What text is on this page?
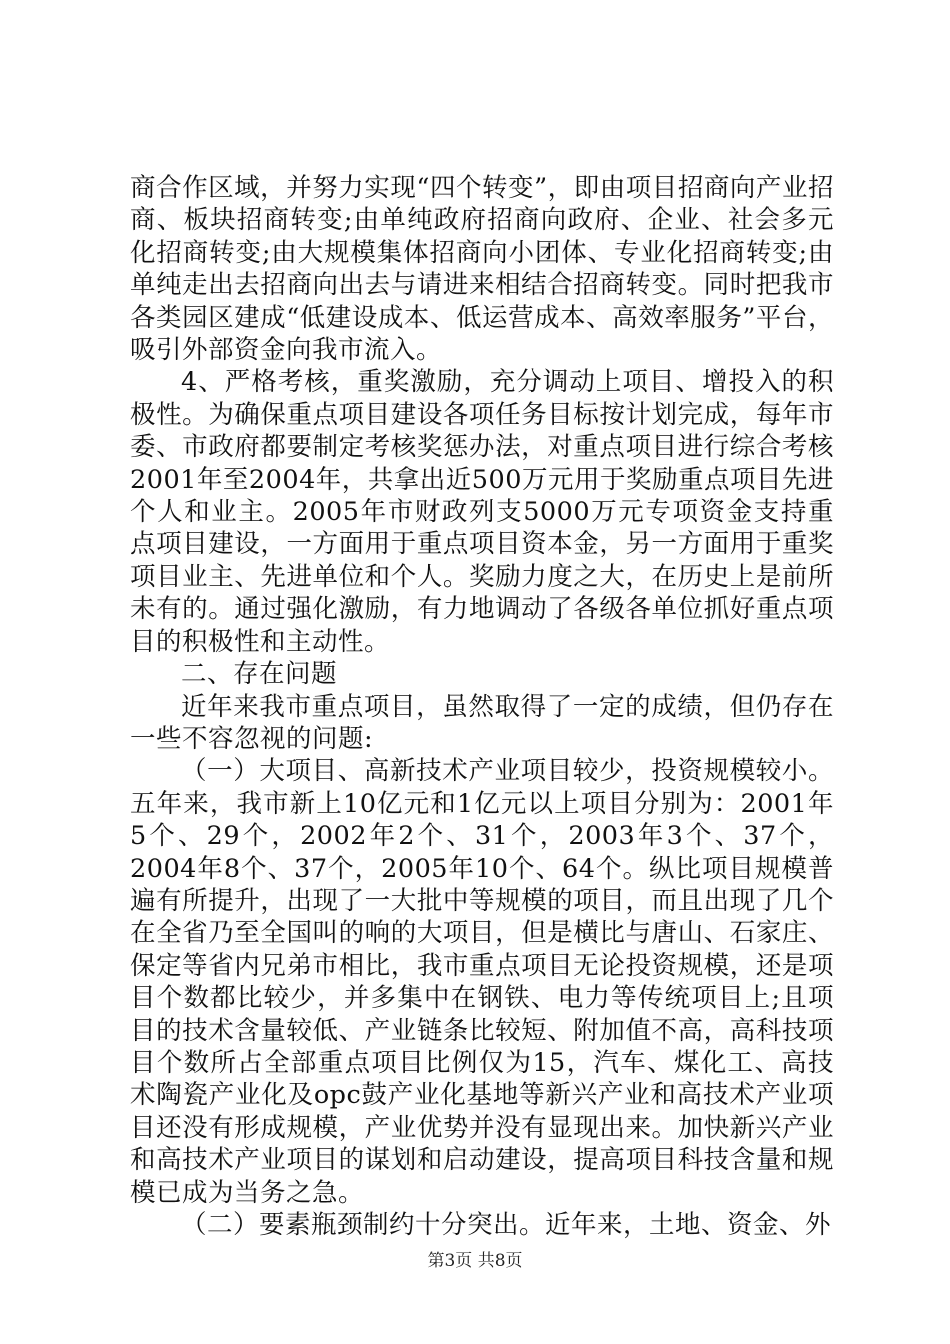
商合作区域，并努力实现“四个转变”，即由项目招商向产业招商、板块招商转变;由单纯政府招商向政府、企业、社会多元化招商转变;由大规模集体招商向小团体、专业化招商转变;由单纯走出去招商向出去与请进来相结合招商转变。同时把我市各类园区建成“低建设成本、低运营成本、高效率服务”平台，吸引外部资金向我市流入。

4、严格考核，重奖激励，充分调动上项目、增投入的积极性。为确保重点项目建设各项任务目标按计划完成，每年市委、市政府都要制定考核奖惩办法，对重点项目进行综合考核2001年至2004年，共拿出近500万元用于奖励重点项目先进个人和业主。2005年市财政列支5000万元专项资金支持重点项目建设，一方面用于重点项目资本金，另一方面用于重奖项目业主、先进单位和个人。奖励力度之大，在历史上是前所未有的。通过强化激励，有力地调动了各级各单位抓好重点项目的积极性和主动性。

二、存在问题

近年来我市重点项目，虽然取得了一定的成绩，但仍存在一些不容忽视的问题:

（一）大项目、高新技术产业项目较少，投资规模较小。五年来，我市新上10亿元和1亿元以上项目分别为：2001年5个、29个，2002年2个、31个，2003年3个、37个，2004年8个、37个，2005年10个、64个。纵比项目规模普遍有所提升，出现了一大批中等规模的项目，而且出现了几个在全省乃至全国叫的响的大项目，但是横比与唐山、石家庄、保定等省内兄弟市相比，我市重点项目无论投资规模，还是项目个数都比较少，并多集中在钢铁、电力等传统项目上;且项目的技术含量较低、产业链条比较短、附加值不高，高科技项目个数所占全部重点项目比例仅为15，汽车、煤化工、高技术陶瓷产业化及opc鼓产业化基地等新兴产业和高技术产业项目还没有形成规模，产业优势并没有显现出来。加快新兴产业和高技术产业项目的谋划和启动建设，提高项目科技含量和规模已成为当务之急。

（二）要素瓶颈制约十分突出。近年来，土地、资金、外

第3页 共8页
